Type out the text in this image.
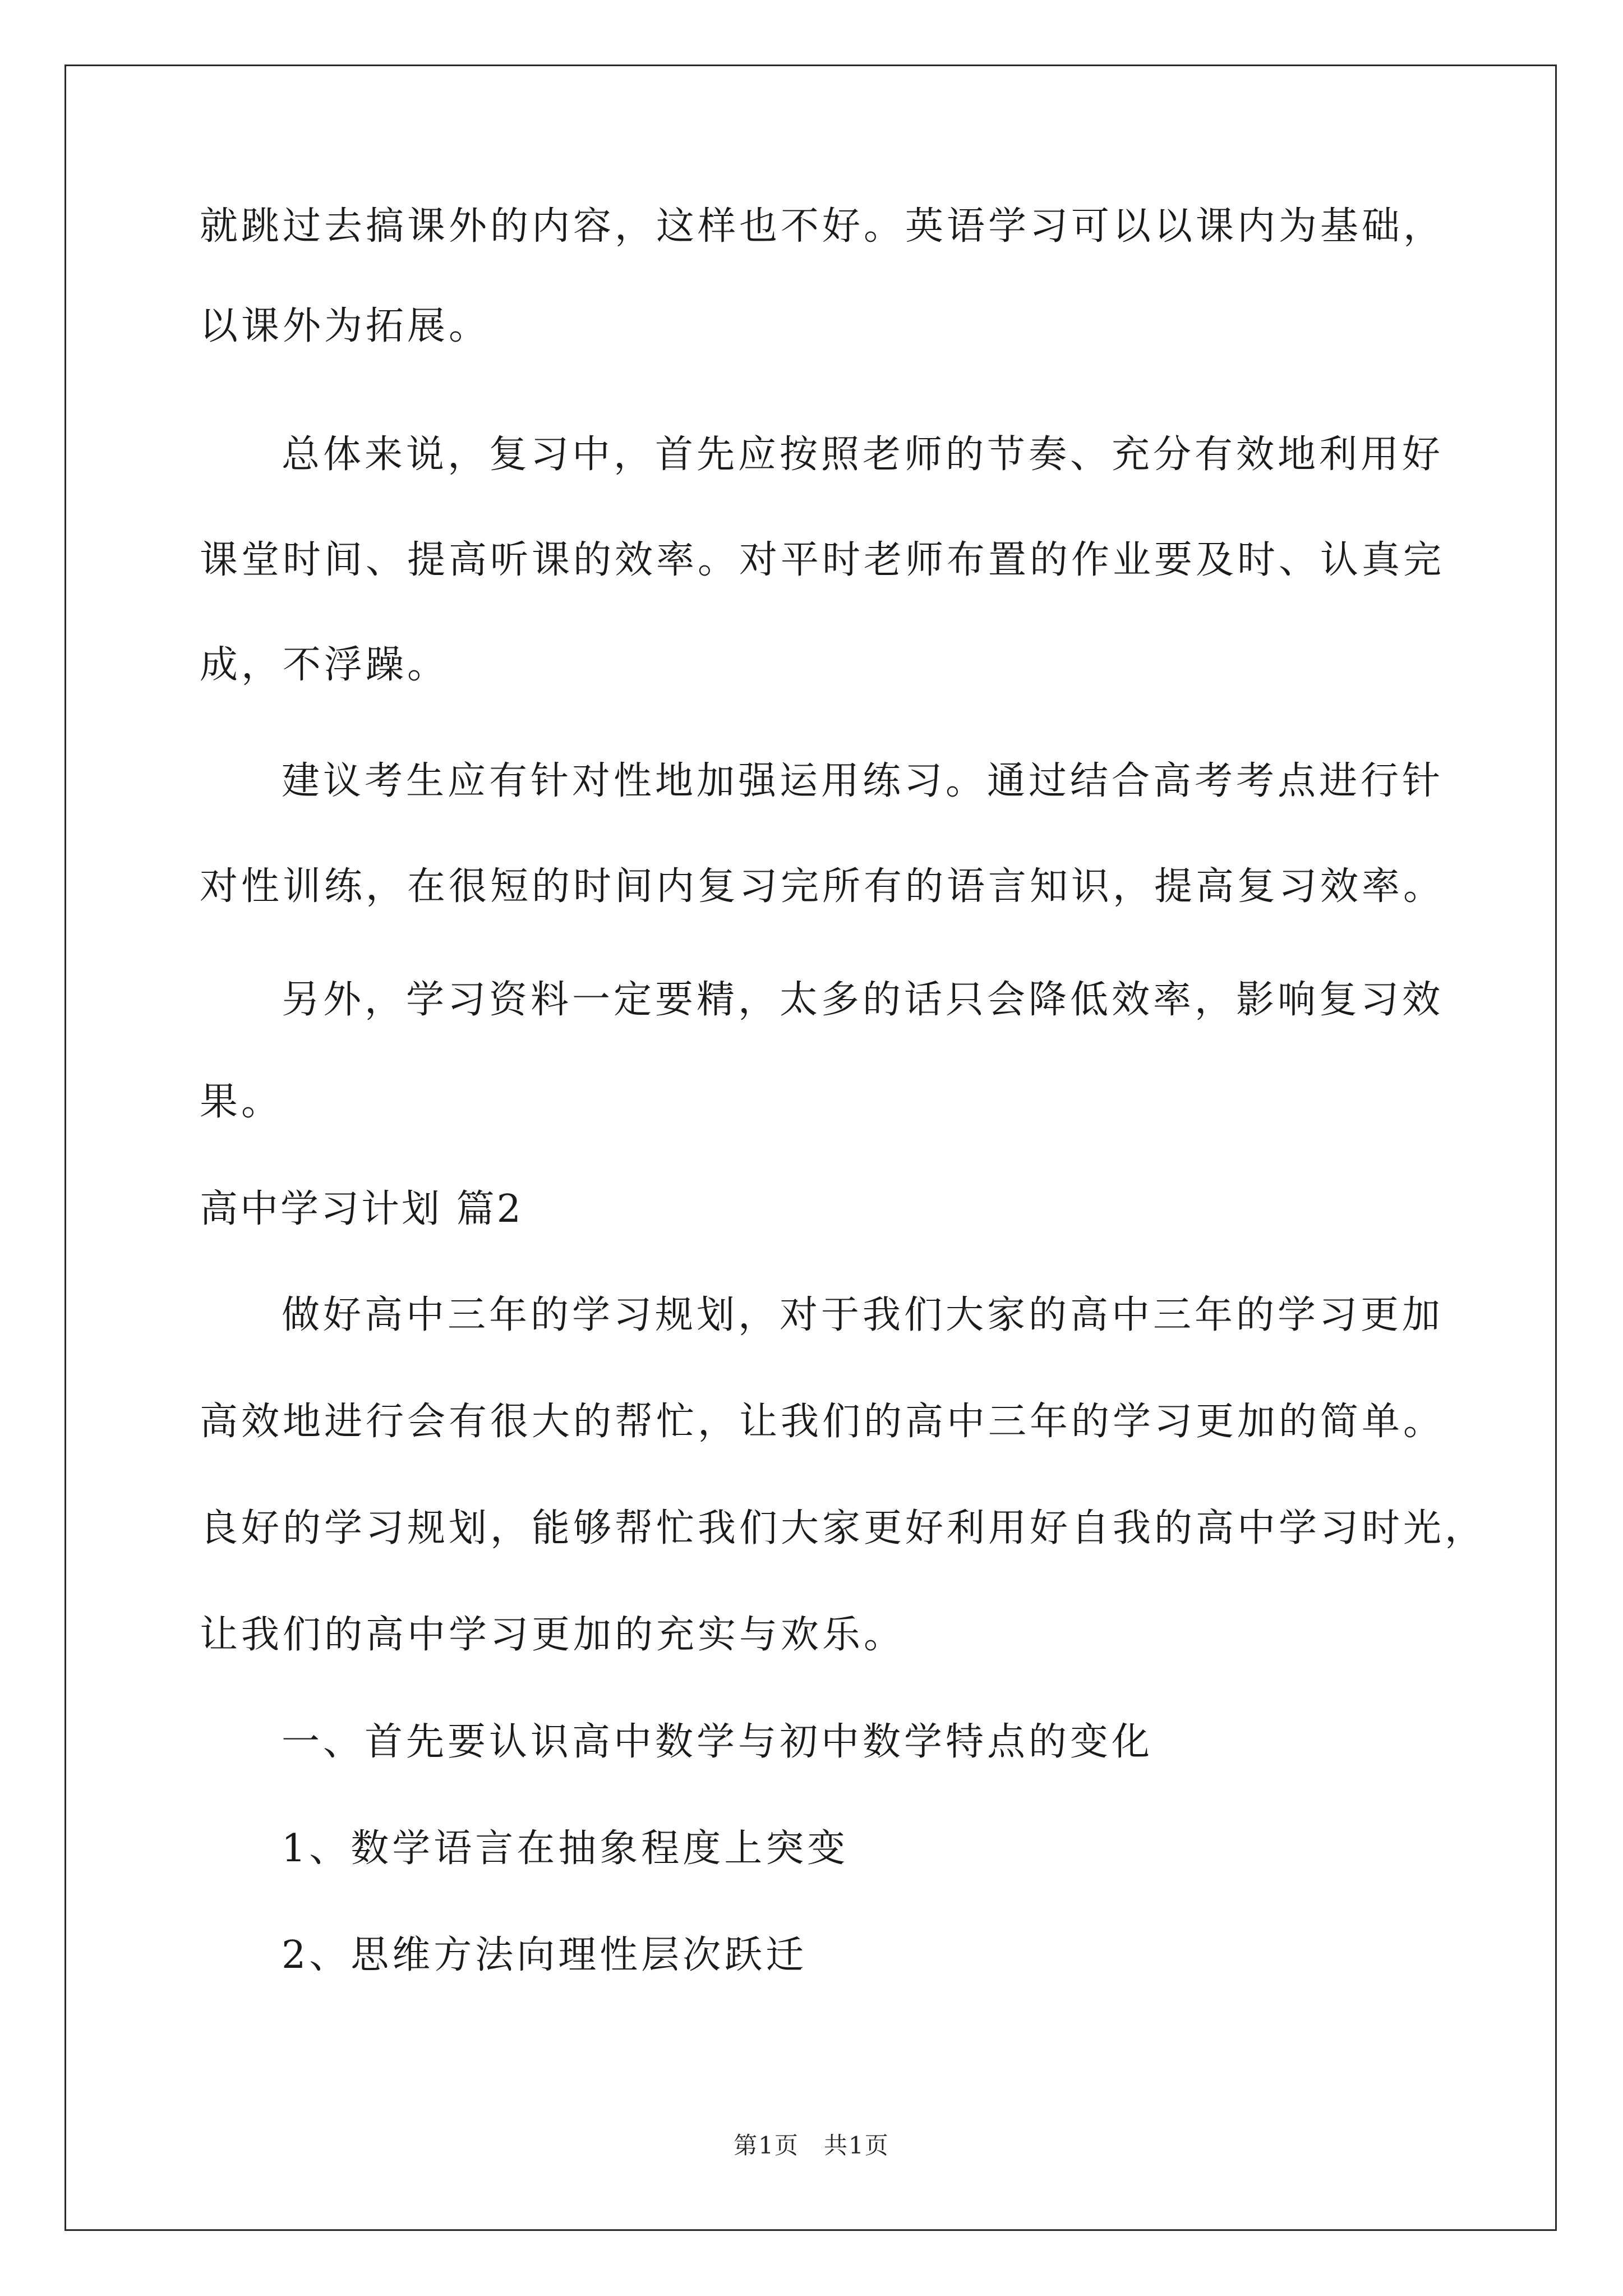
就跳过去搞课外的内容，这样也不好。英语学习可以以课内为基础，
以课外为拓展。
总体来说，复习中，首先应按照老师的节奏、充分有效地利用好
课堂时间、提高听课的效率。对平时老师布置的作业要及时、认真完
成，不浮躁。
建议考生应有针对性地加强运用练习。通过结合高考考点进行针
对性训练，在很短的时间内复习完所有的语言知识，提高复习效率。
另外，学习资料一定要精，太多的话只会降低效率，影响复习效
果。
高中学习计划 篇2
做好高中三年的学习规划，对于我们大家的高中三年的学习更加
高效地进行会有很大的帮忙，让我们的高中三年的学习更加的简单。
良好的学习规划，能够帮忙我们大家更好利用好自我的高中学习时光，
让我们的高中学习更加的充实与欢乐。
一、首先要认识高中数学与初中数学特点的变化
1、数学语言在抽象程度上突变
2、思维方法向理性层次跃迁
第1页　共1页
